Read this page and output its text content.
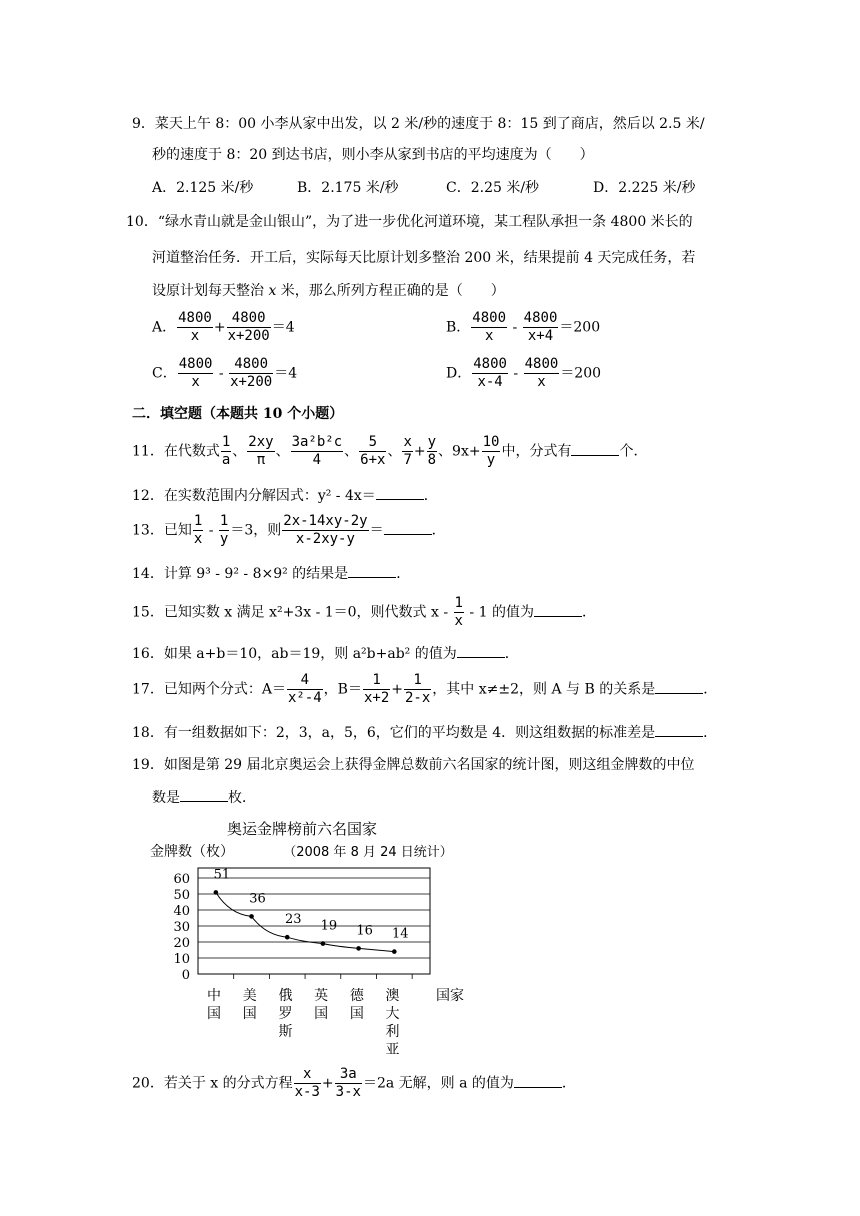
9．菜天上午 8：00 小李从家中出发，以 2 米/秒的速度于 8：15 到了商店，然后以 2.5 米/
秒的速度于 8：20 到达书店，则小李从家到书店的平均速度为（　　）
A．2.125 米/秒	B．2.175 米/秒	C．2.25 米/秒	D．2.225 米/秒
10．“绿水青山就是金山银山”，为了进一步优化河道环境，某工程队承担一条 4800 米长的
河道整治任务．开工后，实际每天比原计划多整治 200 米，结果提前 4 天完成任务，若
设原计划每天整治 x 米，那么所列方程正确的是（　　）
A． $\frac{4800}{x} + \frac{4800}{x+200} =4$	B． $\frac{4800}{x} - \frac{4800}{x+4} =200$
C． $\frac{4800}{x} - \frac{4800}{x+200} =4$	D． $\frac{4800}{x-4} - \frac{4800}{x} =200$
二．填空题（本题共 10 个小题）
11．在代数式 $\frac{1}{a}$ 、 $\frac{2xy}{\pi}$ 、 $\frac{\text{3a²b²c}}{4}$ 、 $\frac{5}{6+x}$ 、 $\frac{x}{7} + \frac{y}{8}$ 、$9x+ \frac{10}{y}$ 中，分式有	个．
12．在实数范围内分解因式：y² - 4x＝	．
13．已知 $\frac{1}{x} - \frac{1}{y} =3$，则 $\frac{2x-14xy-2y}{x-2xy-y}$ ＝	．
14．计算 9³ - 9² - 8×9² 的结果是	．
15．已知实数 x 满足 x²+3x - 1＝0，则代数式 x - $\frac{1}{x} - 1$ 的值为	．
16．如果 a+b＝10，ab＝19，则 a²b+ab² 的值为	．
17．已知两个分式：$A= \frac{4}{\text{x²-4}}$ ，$B= \frac{1}{x+2} + \frac{1}{2-x}$ ，其中 x≠±2，则 A 与 B 的关系是	．
18．有一组数据如下：2，3，a，5，6，它们的平均数是 4．则这组数据的标准差是	．
19．如图是第 29 届北京奥运会上获得金牌总数前六名国家的统计图，则这组金牌数的中位
数是	枚．
奥运金牌榜前六名国家
金牌数（枚）	（2008 年 8 月 24 日统计）
0
10
20
30
40
50
60
中国
美国
俄罗斯
英国
德国
澳大利亚
51
36
23 19 16 14
国家
20．若关于 x 的分式方程 $\frac{x}{x-3} + \frac{3a}{3-x} =2a$ 无解，则 a 的值为	．
